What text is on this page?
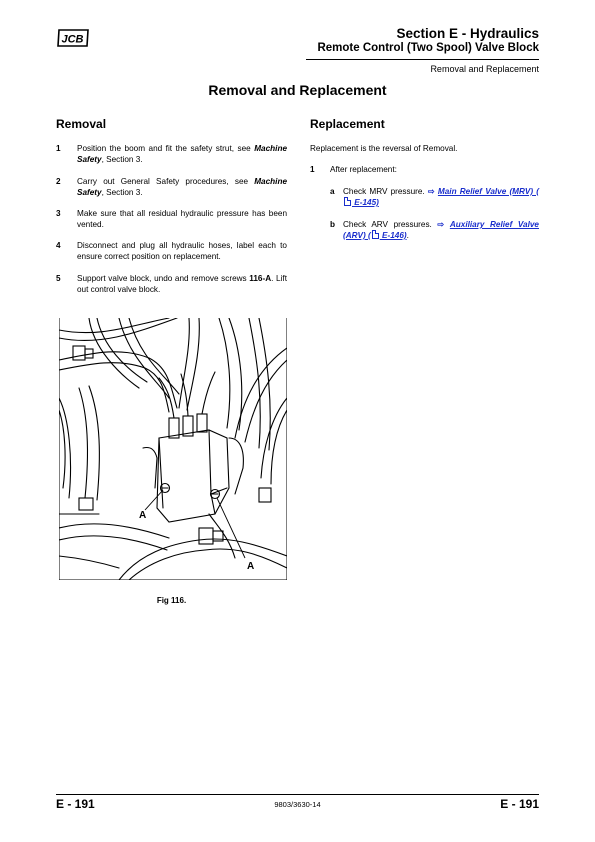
JCB	Section E - Hydraulics
Remote Control (Two Spool) Valve Block
Removal and Replacement
Removal and Replacement
Removal
1 Position the boom and fit the safety strut, see Machine Safety, Section 3.
2 Carry out General Safety procedures, see Machine Safety, Section 3.
3 Make sure that all residual hydraulic pressure has been vented.
4 Disconnect and plug all hydraulic hoses, label each to ensure correct position on replacement.
5 Support valve block, undo and remove screws 116-A. Lift out control valve block.
A
A
Fig 116.
Replacement
Replacement is the reversal of Removal.
1 After replacement:
a Check MRV pressure. ⇨ Main Relief Valve (MRV) ( E-145)
b Check ARV pressures. ⇨ Auxiliary Relief Valve (ARV) ( E-146).
E - 191	9803/3630-14	E - 191
